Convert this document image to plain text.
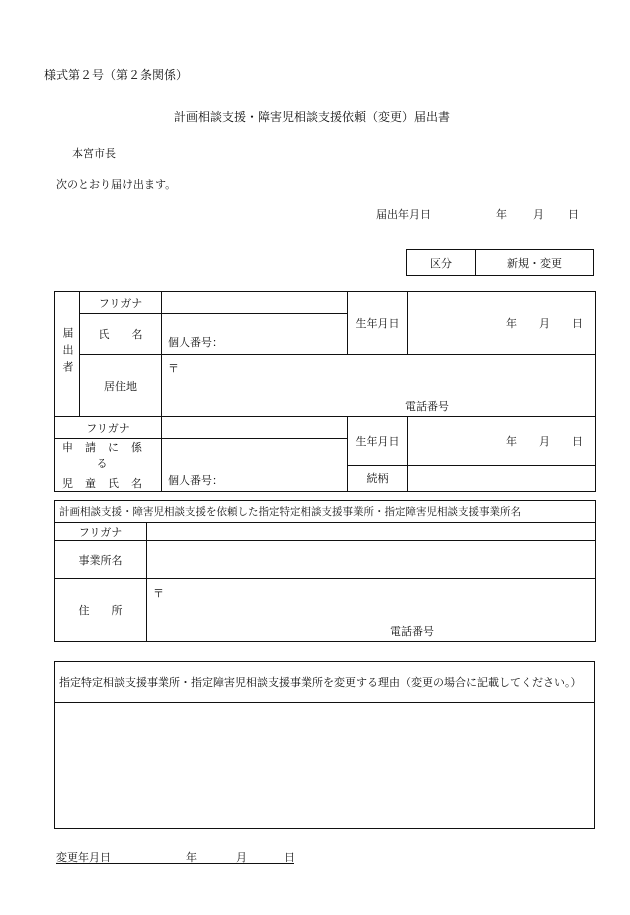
様式第２号（第２条関係）
計画相談支援・障害児相談支援依頼（変更）届出書
本宮市長
次のとおり届け出ます。
届出年月日	年 月 日
区分	新規・変更
届出者	フリガナ		生年月日	年 月 日

	氏　　名	個人番号：		
	居住地	〒
電話番号		

フリガナ			生年月日	年 月 日

申請に係る
児童氏名		個人番号：		
			続柄	
計画相談支援・障害児相談支援を依頼した指定特定相談支援事業所・指定障害児相談支援事業所名	
フリガナ	
事業所名	
住　　所	〒
電話番号
指定特定相談支援事業所・指定障害児相談支援事業所を変更する理由（変更の場合に記載してください。）

変更年月日	年	月	日
